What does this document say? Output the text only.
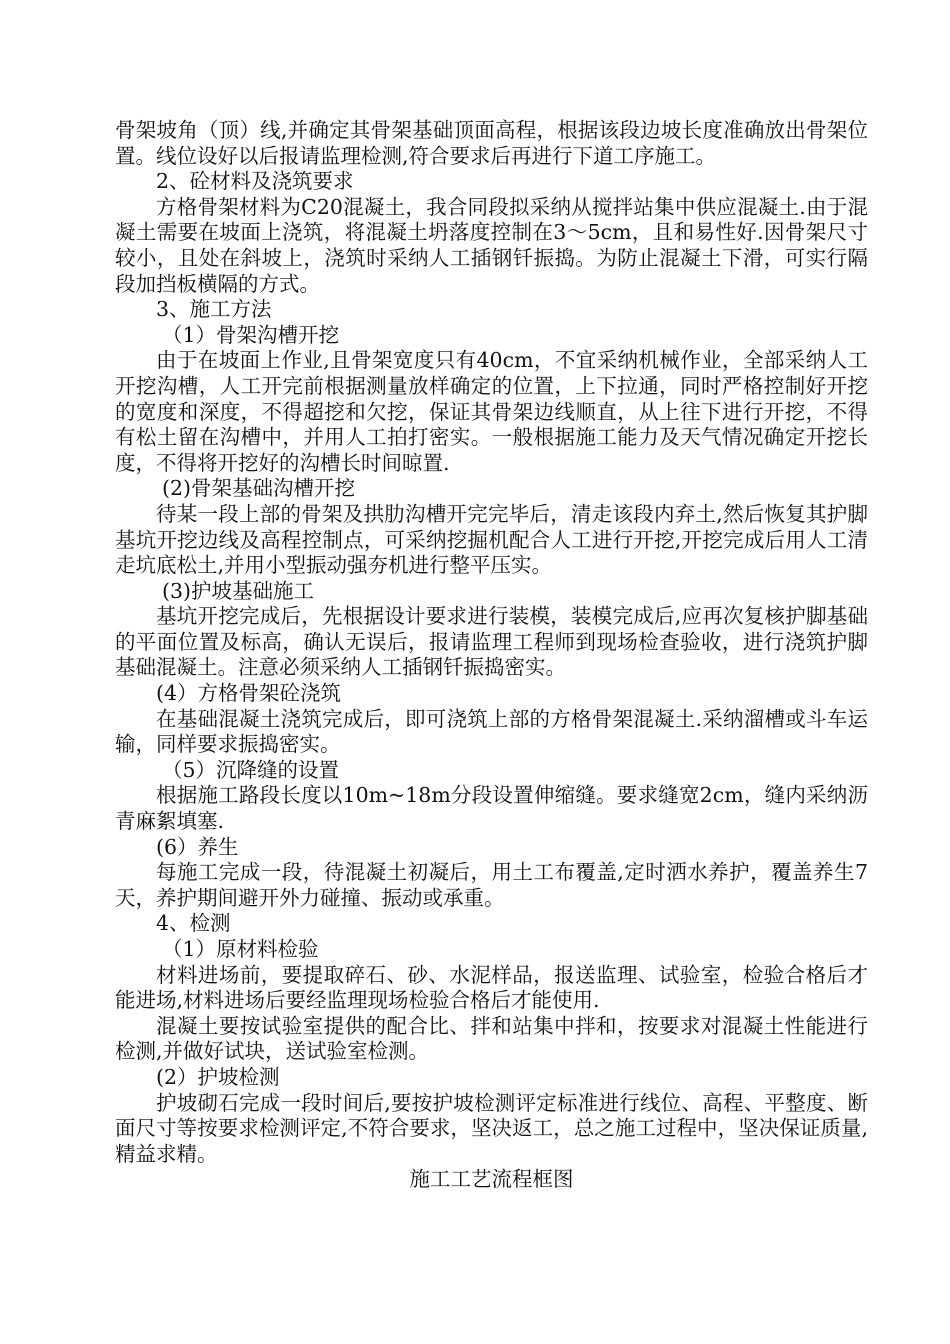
骨架坡角（顶）线,并确定其骨架基础顶面高程，根据该段边坡长度准确放出骨架位置。线位设好以后报请监理检测,符合要求后再进行下道工序施工。

2、砼材料及浇筑要求

方格骨架材料为C20混凝土，我合同段拟采纳从搅拌站集中供应混凝土.由于混凝土需要在坡面上浇筑，将混凝土坍落度控制在3～5cm，且和易性好.因骨架尺寸较小，且处在斜坡上，浇筑时采纳人工插钢钎振捣。为防止混凝土下滑，可实行隔段加挡板横隔的方式。

3、施工方法

（1）骨架沟槽开挖

由于在坡面上作业,且骨架宽度只有40cm，不宜采纳机械作业，全部采纳人工开挖沟槽，人工开完前根据测量放样确定的位置，上下拉通，同时严格控制好开挖的宽度和深度，不得超挖和欠挖，保证其骨架边线顺直，从上往下进行开挖，不得有松土留在沟槽中，并用人工拍打密实。一般根据施工能力及天气情况确定开挖长度，不得将开挖好的沟槽长时间晾置.

(2)骨架基础沟槽开挖

待某一段上部的骨架及拱肋沟槽开完完毕后，清走该段内弃土,然后恢复其护脚基坑开挖边线及高程控制点，可采纳挖掘机配合人工进行开挖,开挖完成后用人工清走坑底松土,并用小型振动强夯机进行整平压实。

(3)护坡基础施工

基坑开挖完成后，先根据设计要求进行装模，装模完成后,应再次复核护脚基础的平面位置及标高，确认无误后，报请监理工程师到现场检查验收，进行浇筑护脚基础混凝土。注意必须采纳人工插钢钎振捣密实。

(4）方格骨架砼浇筑

在基础混凝土浇筑完成后，即可浇筑上部的方格骨架混凝土.采纳溜槽或斗车运输，同样要求振捣密实。

（5）沉降缝的设置

根据施工路段长度以10m~18m分段设置伸缩缝。要求缝宽2cm，缝内采纳沥青麻絮填塞.

(6）养生

每施工完成一段，待混凝土初凝后，用土工布覆盖,定时洒水养护，覆盖养生7天，养护期间避开外力碰撞、振动或承重。

4、检测

（1）原材料检验

材料进场前，要提取碎石、砂、水泥样品，报送监理、试验室，检验合格后才能进场,材料进场后要经监理现场检验合格后才能使用.

混凝土要按试验室提供的配合比、拌和站集中拌和，按要求对混凝土性能进行检测,并做好试块，送试验室检测。

(2）护坡检测

护坡砌石完成一段时间后,要按护坡检测评定标准进行线位、高程、平整度、断面尺寸等按要求检测评定,不符合要求，坚决返工，总之施工过程中，坚决保证质量,精益求精。

施工工艺流程框图
